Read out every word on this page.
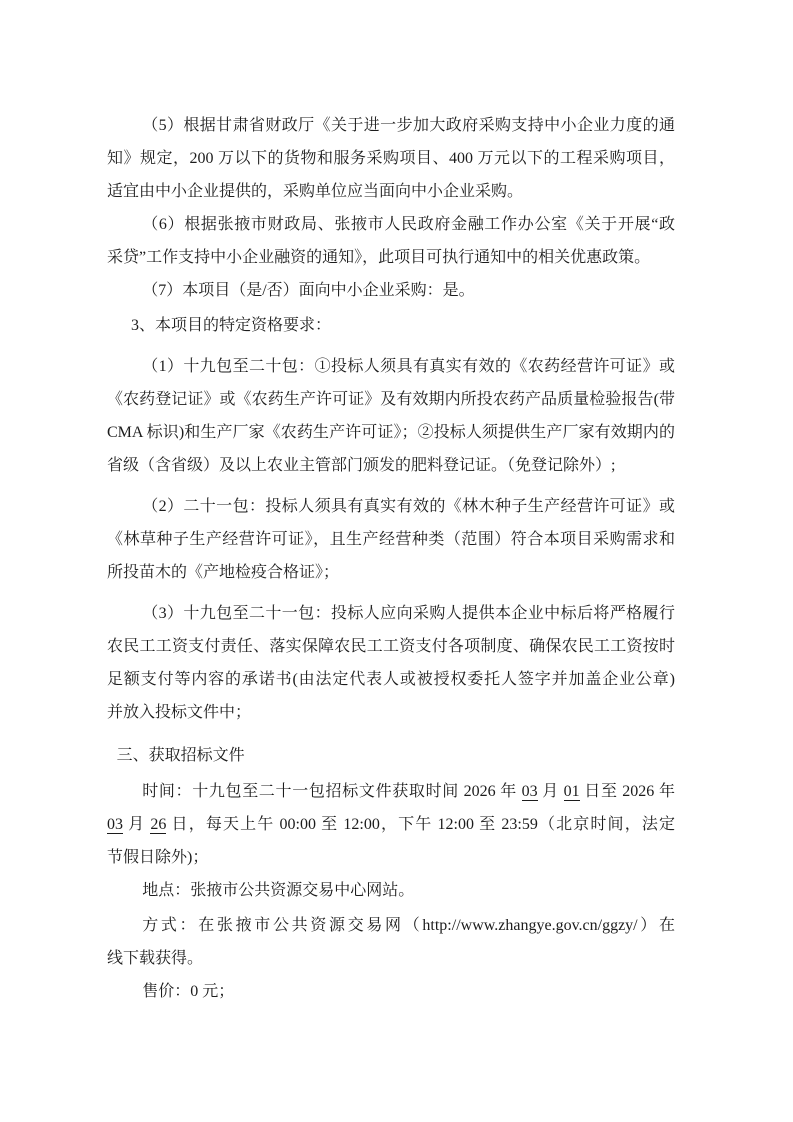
（5）根据甘肃省财政厅《关于进一步加大政府采购支持中小企业力度的通
知》规定，200 万以下的货物和服务采购项目、400 万元以下的工程采购项目，
适宜由中小企业提供的，采购单位应当面向中小企业采购。
（6）根据张掖市财政局、张掖市人民政府金融工作办公室《关于开展“政
采贷”工作支持中小企业融资的通知》，此项目可执行通知中的相关优惠政策。
（7）本项目（是/否）面向中小企业采购：是。
3、本项目的特定资格要求：
（1）十九包至二十包：①投标人须具有真实有效的《农药经营许可证》或
《农药登记证》或《农药生产许可证》及有效期内所投农药产品质量检验报告(带
CMA 标识)和生产厂家《农药生产许可证》；②投标人须提供生产厂家有效期内的
省级（含省级）及以上农业主管部门颁发的肥料登记证。（免登记除外）;
（2）二十一包：投标人须具有真实有效的《林木种子生产经营许可证》或
《林草种子生产经营许可证》，且生产经营种类（范围）符合本项目采购需求和
所投苗木的《产地检疫合格证》；
（3）十九包至二十一包：投标人应向采购人提供本企业中标后将严格履行
农民工工资支付责任、落实保障农民工工资支付各项制度、确保农民工工资按时
足额支付等内容的承诺书(由法定代表人或被授权委托人签字并加盖企业公章)
并放入投标文件中；
三、获取招标文件
时间：十九包至二十一包招标文件获取时间 2026 年 03 月 01 日至 2026 年
03 月 26 日，每天上午 00:00 至 12:00，下午 12:00 至 23:59（北京时间，法定
节假日除外)；
地点：张掖市公共资源交易中心网站。
方式：在张掖市公共资源交易网（http://www.zhangye.gov.cn/ggzy/）在
线下载获得。
售价：0 元；
